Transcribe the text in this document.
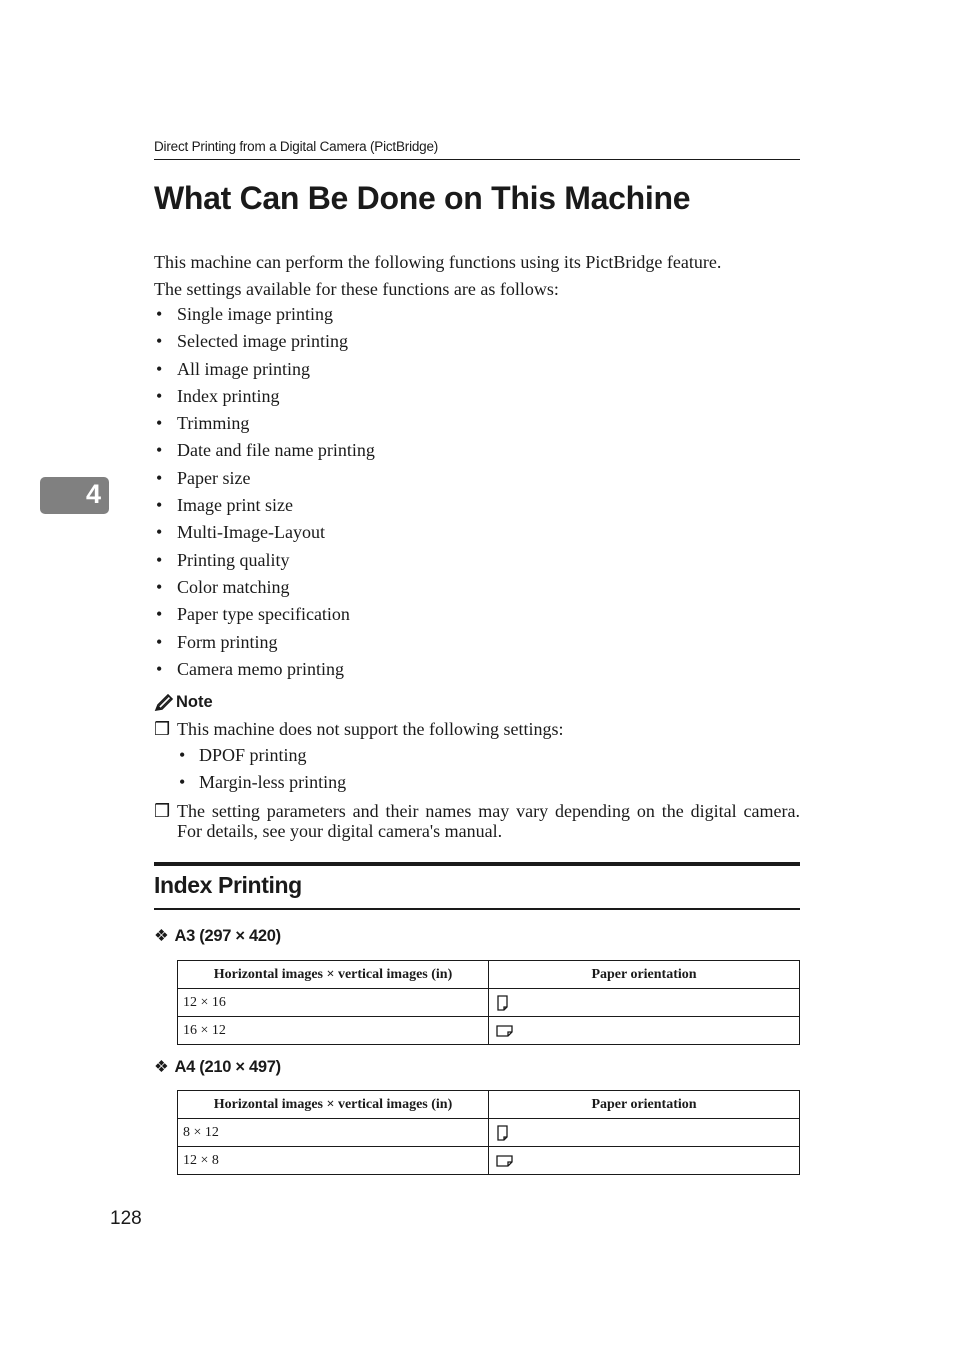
Direct Printing from a Digital Camera (PictBridge)
What Can Be Done on This Machine

This machine can perform the following functions using its PictBridge feature.

The settings available for these functions are as follows:

• Single image printing
• Selected image printing
• All image printing
• Index printing
• Trimming
• Date and file name printing
• Paper size
• Image print size
• Multi-Image-Layout
• Printing quality
• Color matching
• Paper type specification
• Form printing
• Camera memo printing
Note
❒ This machine does not support the following settings:
• DPOF printing
• Margin-less printing
❒ The setting parameters and their names may vary depending on the digital camera. For details, see your digital camera's manual.
Index Printing
❖ A3 (297 × 420)
Horizontal images × vertical images (in)	Paper orientation
12 × 16	

16 × 12	
❖ A4 (210 × 497)
Horizontal images × vertical images (in)	Paper orientation
8 × 12	

12 × 8	
4
128
